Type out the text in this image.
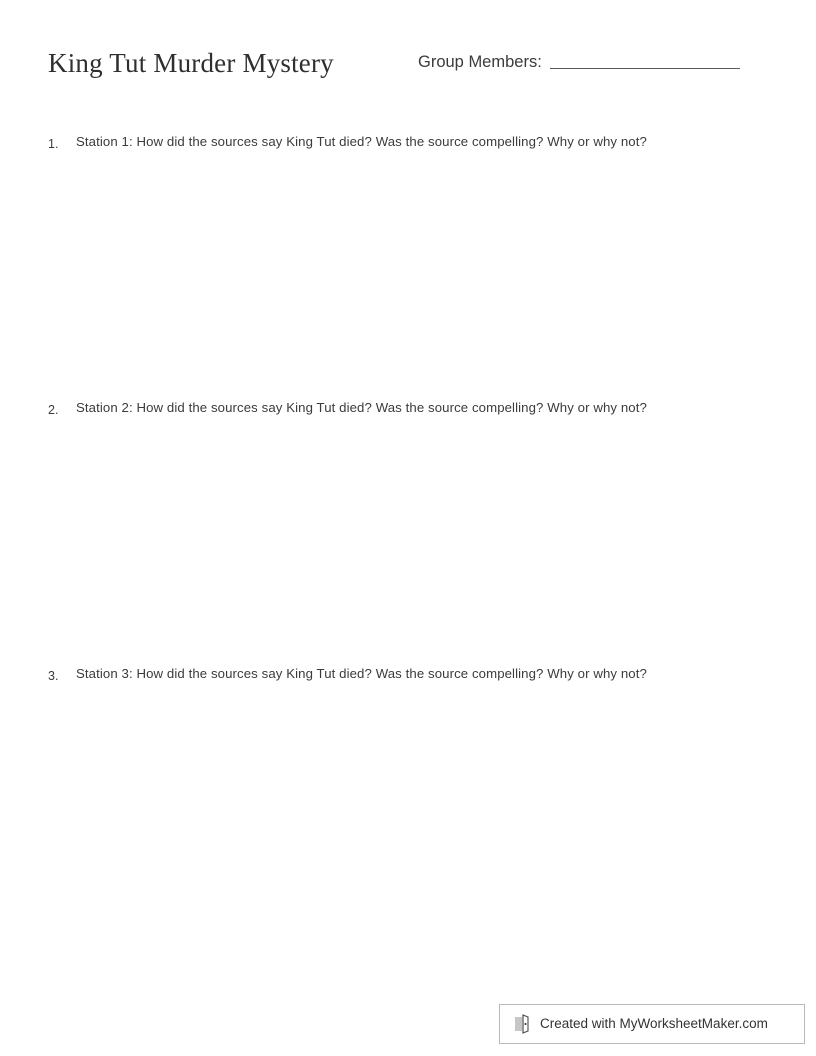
King Tut Murder Mystery	Group Members:
1.	Station 1: How did the sources say King Tut died? Was the source compelling? Why or why not?
2.	Station 2: How did the sources say King Tut died? Was the source compelling? Why or why not?
3.	Station 3: How did the sources say King Tut died? Was the source compelling? Why or why not?
Created with MyWorksheetMaker.com
